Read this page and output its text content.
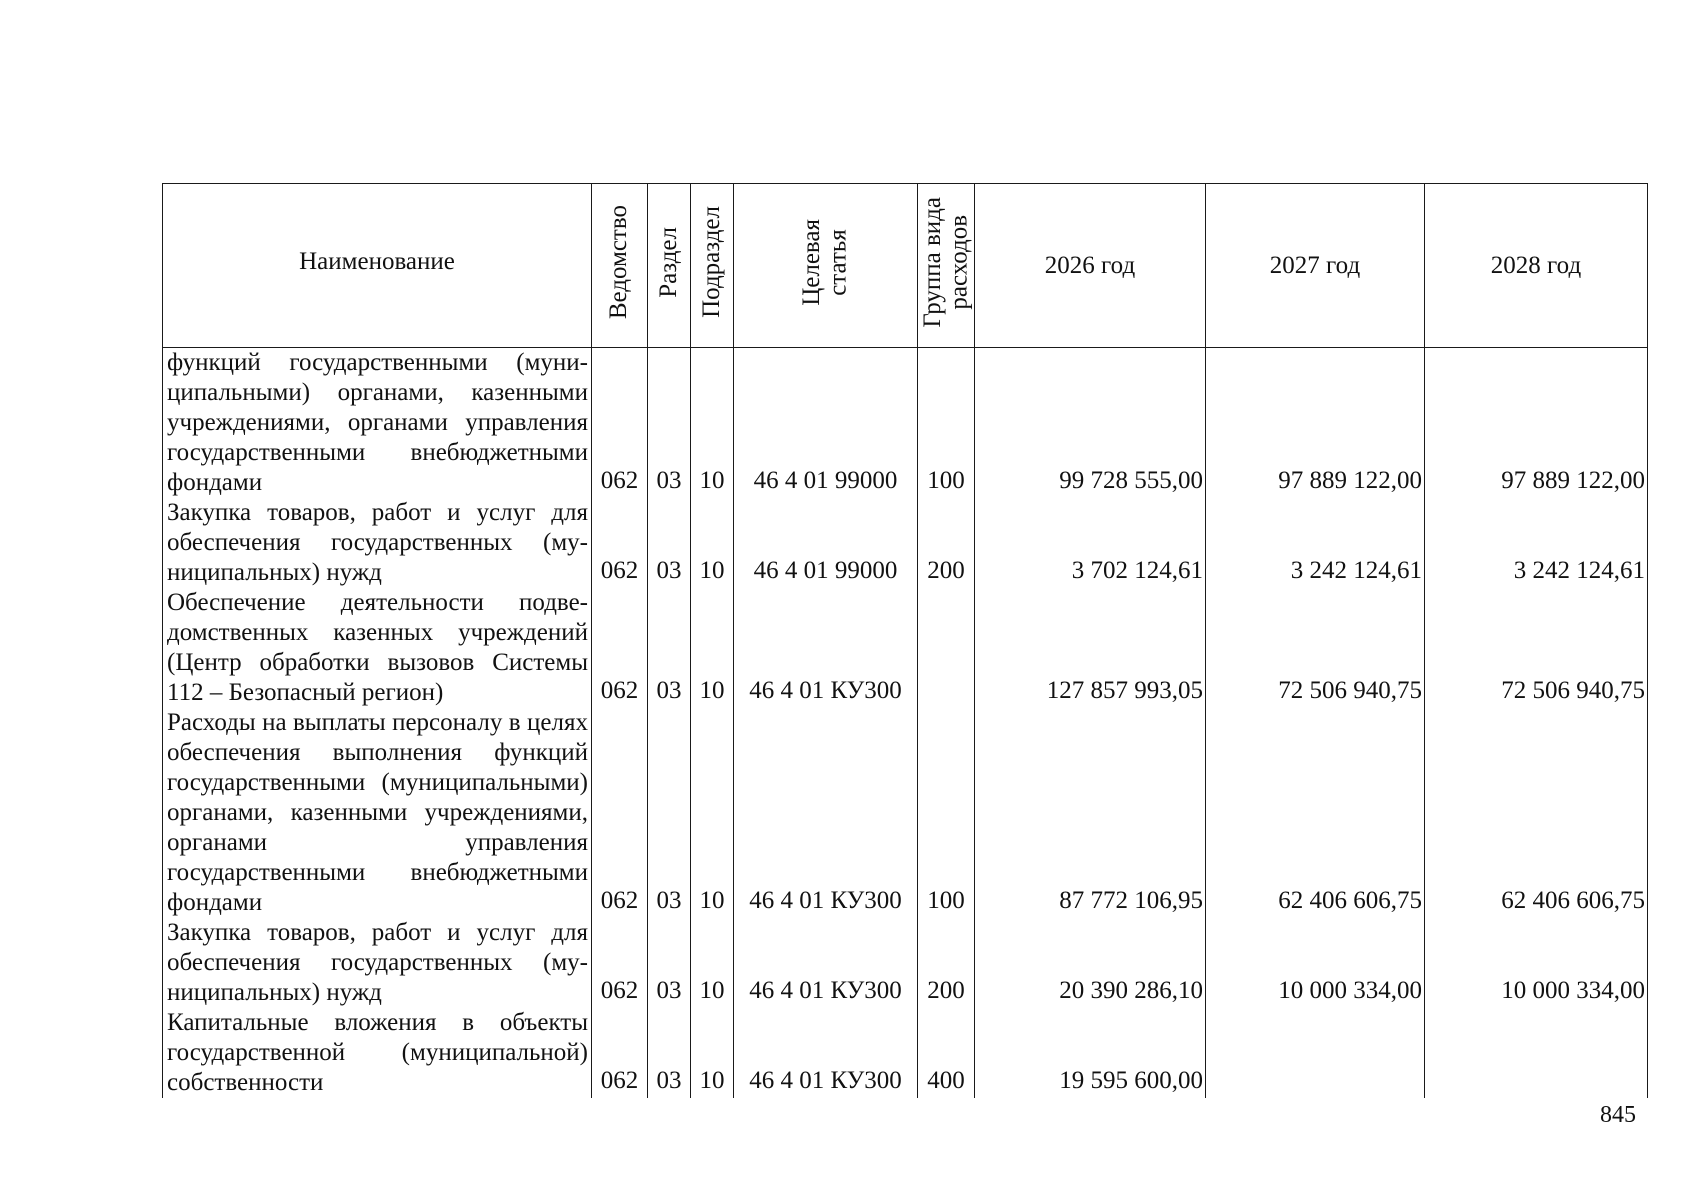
Наименование	Ведомство	Раздел	Подраздел	Целевая
статья	Группа вида
расходов	2026 год	2027 год	2028 год
функций государственными (муниципальными) органами, казенными учреждениями, органами управления государственными внебюджетными фондами	062	03	10	46 4 01 99000	100	99 728 555,00	97 889 122,00	97 889 122,00
Закупка товаров, работ и услуг для обеспечения государственных (муниципальных) нужд	062	03	10	46 4 01 99000	200	3 702 124,61	3 242 124,61	3 242 124,61
Обеспечение деятельности подведомственных казенных учреждений (Центр обработки вызовов Системы 112 – Безопасный регион)	062	03	10	46 4 01 КУ300		127 857 993,05	72 506 940,75	72 506 940,75
Расходы на выплаты персоналу в целях обеспечения выполнения функций государственными (муниципальными) органами, казенными учреждениями, органами управления государственными внебюджетными фондами	062	03	10	46 4 01 КУ300	100	87 772 106,95	62 406 606,75	62 406 606,75
Закупка товаров, работ и услуг для обеспечения государственных (муниципальных) нужд	062	03	10	46 4 01 КУ300	200	20 390 286,10	10 000 334,00	10 000 334,00
Капитальные вложения в объекты государственной (муниципальной) собственности	062	03	10	46 4 01 КУ300	400	19 595 600,00		
845
